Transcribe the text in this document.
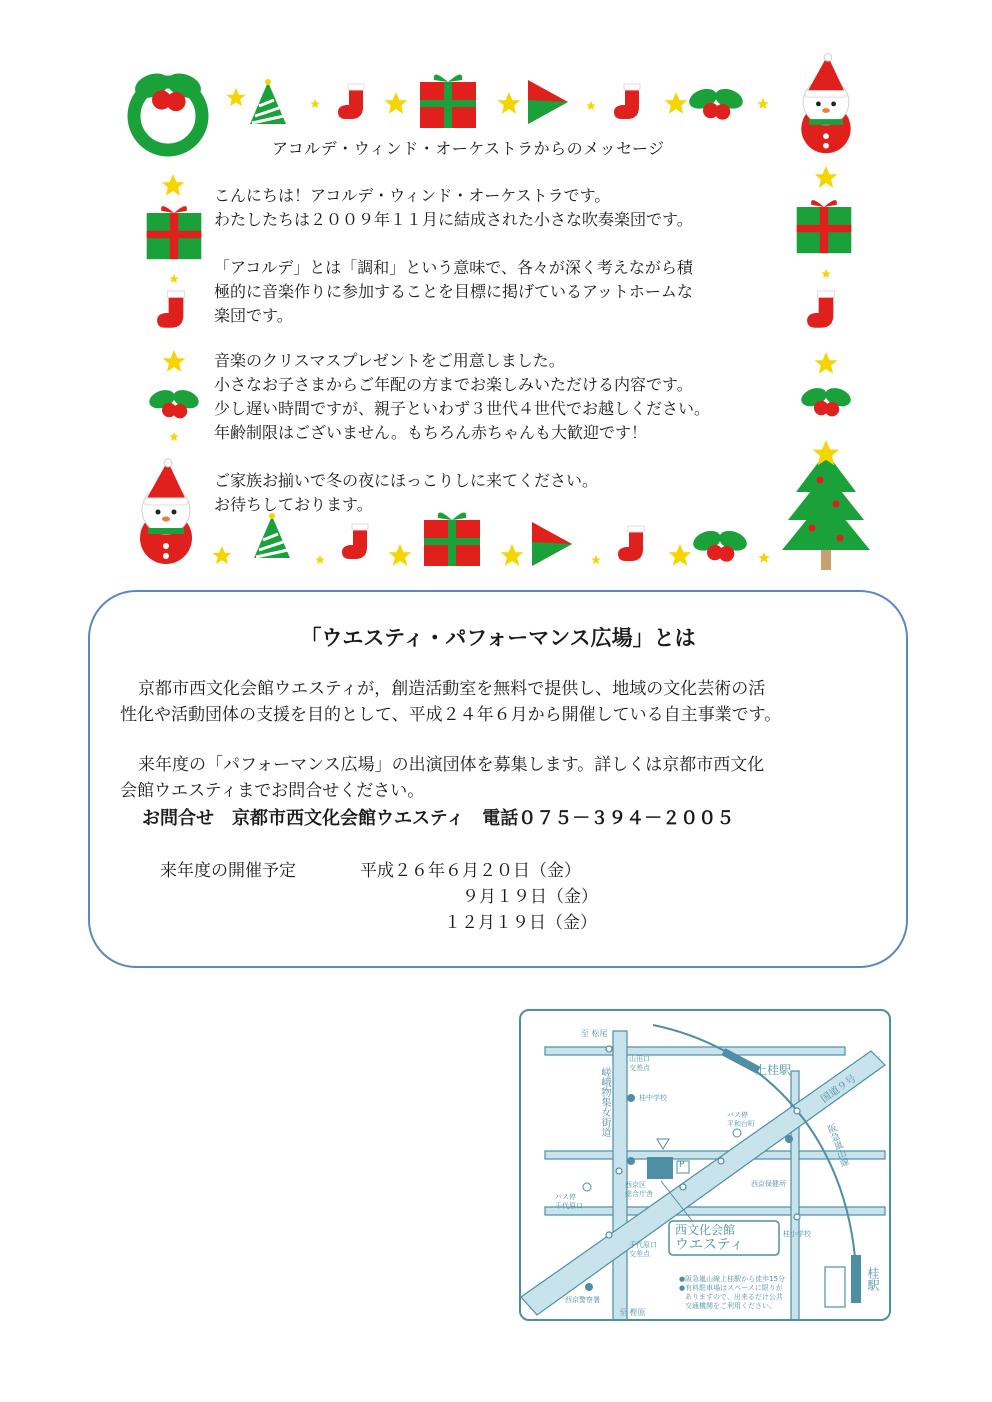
アコルデ・ウィンド・オーケストラからのメッセージ
こんにちは！アコルデ・ウィンド・オーケストラです。
わたしたちは２００９年１１月に結成された小さな吹奏楽団です。
「アコルデ」とは「調和」という意味で、各々が深く考えながら積
極的に音楽作りに参加することを目標に掲げているアットホームな
楽団です。
音楽のクリスマスプレゼントをご用意しました。
小さなお子さまからご年配の方までお楽しみいただける内容です。
少し遅い時間ですが、親子といわず３世代４世代でお越しください。
年齢制限はございません。もちろん赤ちゃんも大歓迎です！
ご家族お揃いで冬の夜にほっこりしに来てください。
お待ちしております。
「ウエスティ・パフォーマンス広場」とは
京都市西文化会館ウエスティが，創造活動室を無料で提供し、地域の文化芸術の活
性化や活動団体の支援を目的として、平成２４年６月から開催している自主事業です。
来年度の「パフォーマンス広場」の出演団体を募集します。詳しくは京都市西文化
会館ウエスティまでお問合せください。
お問合せ　京都市西文化会館ウエスティ　電話０７５－３９４－２００５
来年度の開催予定	平成２６年６月２０日（金）
９月１９日（金）
１２月１９日（金）
至 松尾
至 樫原
上桂駅
桂駅
国道９号
阪急嵐山線
嵯峨物集女街道
山田口
交差点
桂中学校
バス停
平和台町
西京区
総合庁舎
P
西京保健所
バス停
千代原口
桂小学校
千代原口
交差点
西文化会館
ウエスティ
西京警察署
●阪急嵐山線上桂駅から徒歩15分
●有料駐車場はスペースに限りが
ありますので、出来るだけ公共
交通機関をご利用ください。
